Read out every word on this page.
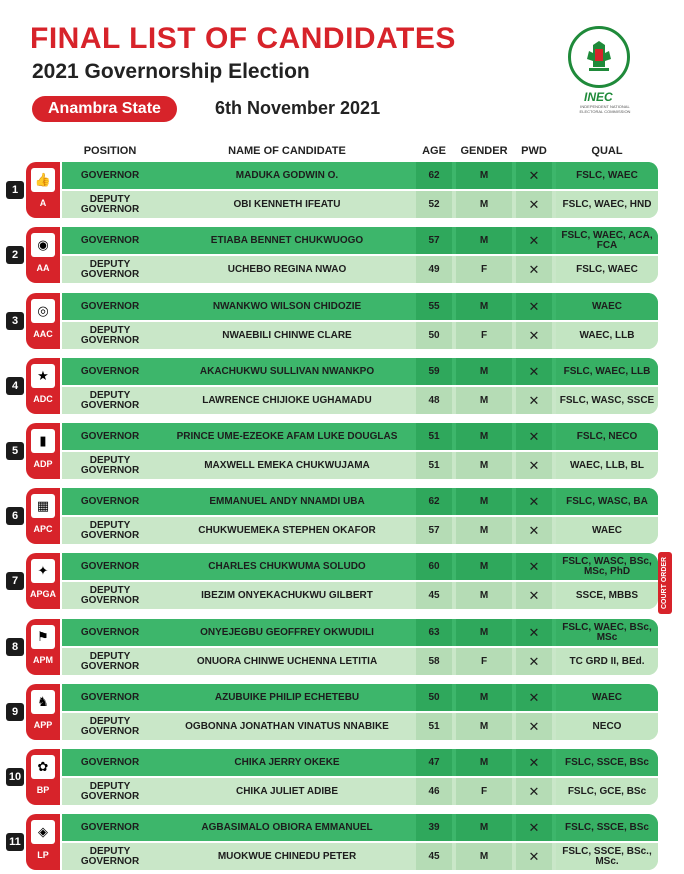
FINAL LIST OF CANDIDATES
2021 Governorship Election
Anambra State	6th November 2021
INEC
INDEPENDENT NATIONAL ELECTORAL COMMISSION
POSITION	NAME OF CANDIDATE	AGE	GENDER	PWD	QUAL
1
👍
A
GOVERNOR	MADUKA GODWIN O.	62	M	✕	FSLC, WAEC
DEPUTY GOVERNOR	OBI KENNETH IFEATU	52	M	✕	FSLC, WAEC, HND
2
◉
AA
GOVERNOR	ETIABA BENNET CHUKWUOGO	57	M	✕	FSLC, WAEC, ACA, FCA
DEPUTY GOVERNOR	UCHEBO REGINA NWAO	49	F	✕	FSLC, WAEC
3
◎
AAC
GOVERNOR	NWANKWO WILSON CHIDOZIE	55	M	✕	WAEC
DEPUTY GOVERNOR	NWAEBILI CHINWE CLARE	50	F	✕	WAEC, LLB
4
★
ADC
GOVERNOR	AKACHUKWU SULLIVAN NWANKPO	59	M	✕	FSLC, WAEC, LLB
DEPUTY GOVERNOR	LAWRENCE CHIJIOKE UGHAMADU	48	M	✕	FSLC, WASC, SSCE
5
▮
ADP
GOVERNOR	PRINCE UME-EZEOKE AFAM LUKE DOUGLAS	51	M	✕	FSLC, NECO
DEPUTY GOVERNOR	MAXWELL EMEKA CHUKWUJAMA	51	M	✕	WAEC, LLB, BL
6
▦
APC
GOVERNOR	EMMANUEL ANDY NNAMDI UBA	62	M	✕	FSLC, WASC, BA
DEPUTY GOVERNOR	CHUKWUEMEKA STEPHEN OKAFOR	57	M	✕	WAEC
7
✦
APGA
GOVERNOR	CHARLES CHUKWUMA SOLUDO	60	M	✕	FSLC, WASC, BSc, MSc, PhD
DEPUTY GOVERNOR	IBEZIM ONYEKACHUKWU GILBERT	45	M	✕	SSCE, MBBS
8
⚑
APM
GOVERNOR	ONYEJEGBU GEOFFREY OKWUDILI	63	M	✕	FSLC, WAEC, BSc, MSc
DEPUTY GOVERNOR	ONUORA CHINWE UCHENNA LETITIA	58	F	✕	TC GRD II, BEd.
9
♞
APP
GOVERNOR	AZUBUIKE PHILIP ECHETEBU	50	M	✕	WAEC
DEPUTY GOVERNOR	OGBONNA JONATHAN VINATUS NNABIKE	51	M	✕	NECO
10
✿
BP
GOVERNOR	CHIKA JERRY OKEKE	47	M	✕	FSLC, SSCE, BSc
DEPUTY GOVERNOR	CHIKA JULIET ADIBE	46	F	✕	FSLC, GCE, BSc
11
◈
LP
GOVERNOR	AGBASIMALO OBIORA EMMANUEL	39	M	✕	FSLC, SSCE, BSc
DEPUTY GOVERNOR	MUOKWUE CHINEDU PETER	45	M	✕	FSLC, SSCE, BSc., MSc.
COURT ORDER
